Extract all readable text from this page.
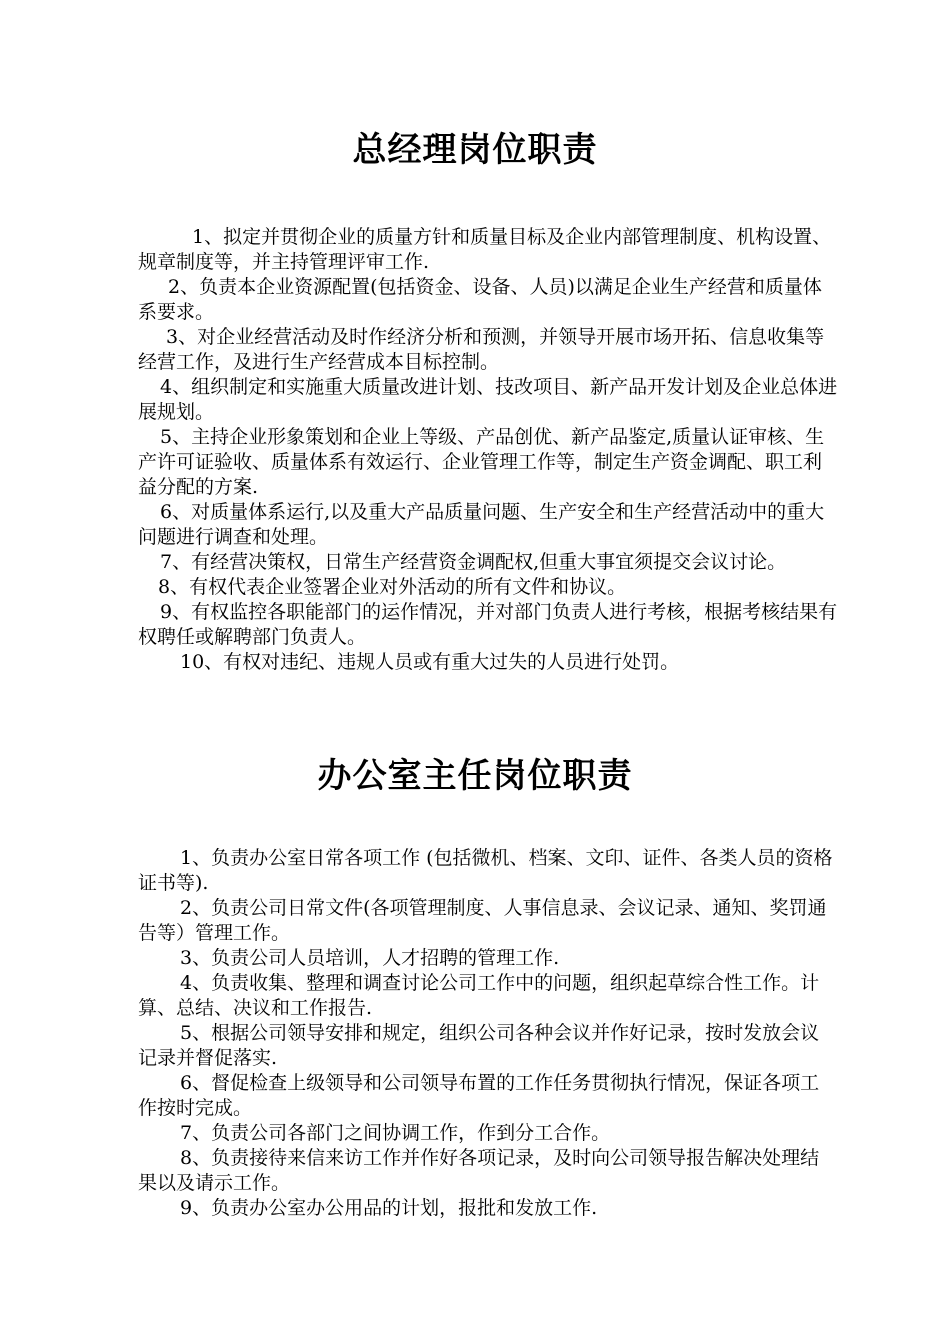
总经理岗位职责
1、拟定并贯彻企业的质量方针和质量目标及企业内部管理制度、机构设置、规章制度等，并主持管理评审工作.
2、负责本企业资源配置(包括资金、设备、人员)以满足企业生产经营和质量体系要求。
3、对企业经营活动及时作经济分析和预测，并领导开展市场开拓、信息收集等经营工作，及进行生产经营成本目标控制。
4、组织制定和实施重大质量改进计划、技改项目、新产品开发计划及企业总体进展规划。
5、主持企业形象策划和企业上等级、产品创优、新产品鉴定,质量认证审核、生产许可证验收、质量体系有效运行、企业管理工作等，制定生产资金调配、职工利益分配的方案.
6、对质量体系运行,以及重大产品质量问题、生产安全和生产经营活动中的重大问题进行调查和处理。
7、有经营决策权，日常生产经营资金调配权,但重大事宜须提交会议讨论。
8、有权代表企业签署企业对外活动的所有文件和协议。
9、有权监控各职能部门的运作情况，并对部门负责人进行考核，根据考核结果有权聘任或解聘部门负责人。
10、有权对违纪、违规人员或有重大过失的人员进行处罚。
办公室主任岗位职责
1、负责办公室日常各项工作 (包括微机、档案、文印、证件、各类人员的资格证书等).
2、负责公司日常文件(各项管理制度、人事信息录、会议记录、通知、奖罚通告等）管理工作。
3、负责公司人员培训，人才招聘的管理工作.
4、负责收集、整理和调查讨论公司工作中的问题，组织起草综合性工作。计算、总结、决议和工作报告.
5、根据公司领导安排和规定，组织公司各种会议并作好记录，按时发放会议记录并督促落实.
6、督促检查上级领导和公司领导布置的工作任务贯彻执行情况，保证各项工作按时完成。
7、负责公司各部门之间协调工作，作到分工合作。
8、负责接待来信来访工作并作好各项记录，及时向公司领导报告解决处理结果以及请示工作。
9、负责办公室办公用品的计划，报批和发放工作.
